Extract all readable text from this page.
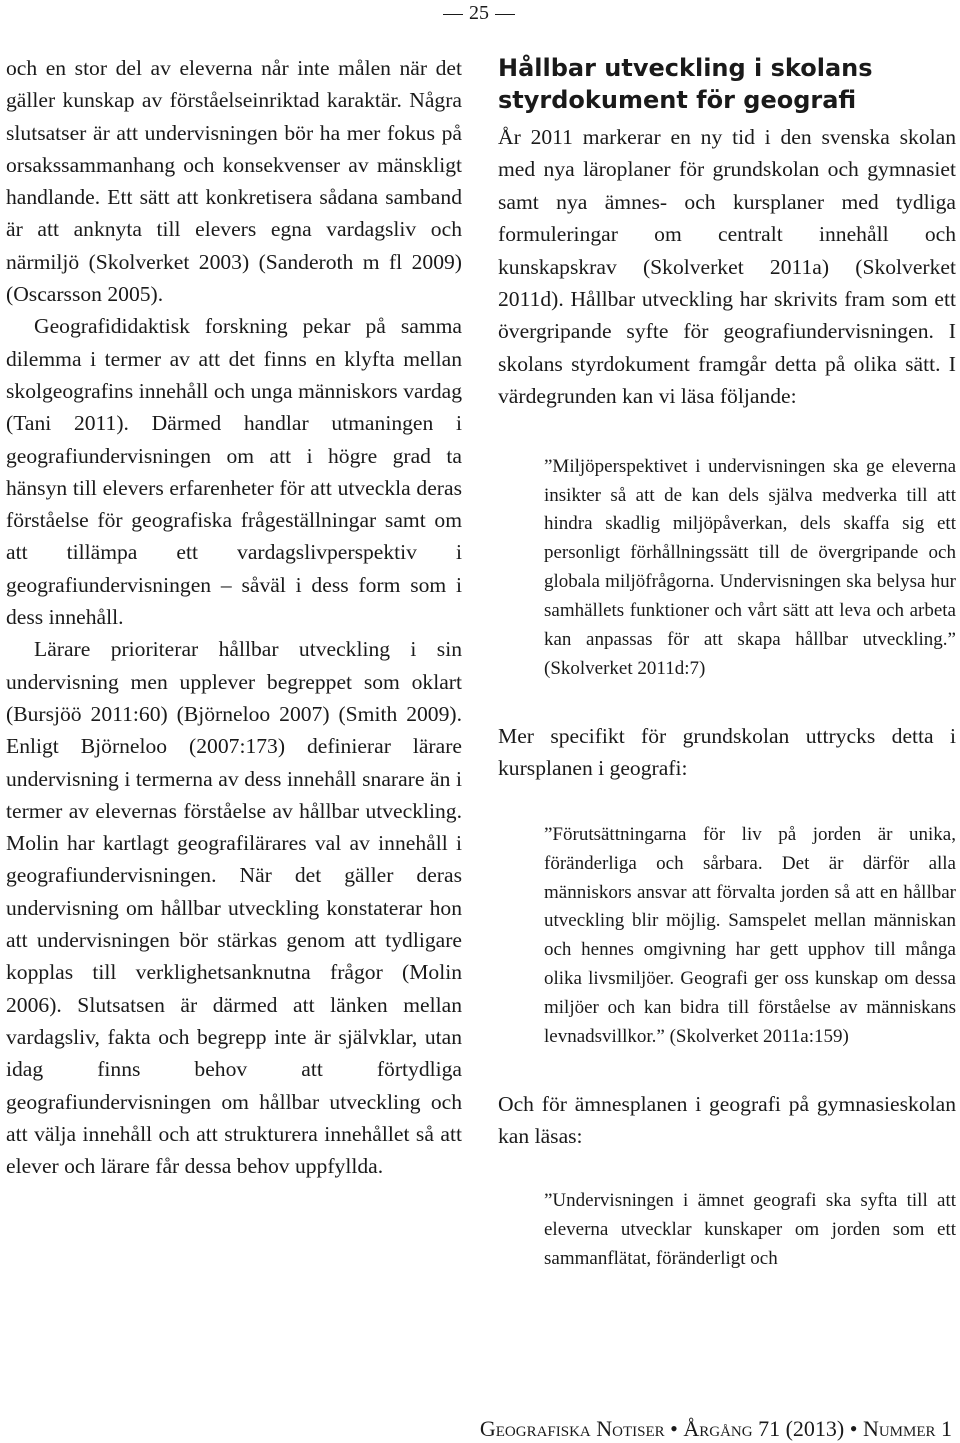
25

och en stor del av eleverna når inte målen när det gäller kunskap av förståelseinriktad karaktär. Några slutsatser är att undervisningen bör ha mer fokus på orsakssammanhang och konsekvenser av mänskligt handlande. Ett sätt att konkretisera sådana samband är att anknyta till elevers egna vardagsliv och närmiljö (Skolverket 2003) (Sanderoth m fl 2009) (Oscarsson 2005).

Geografididaktisk forskning pekar på samma dilemma i termer av att det finns en klyfta mellan skolgeografins innehåll och unga människors vardag (Tani 2011). Därmed handlar utmaningen i geografiundervisningen om att i högre grad ta hänsyn till elevers erfarenheter för att utveckla deras förståelse för geografiska frågeställningar samt om att tillämpa ett vardagslivperspektiv i geografiundervisningen – såväl i dess form som i dess innehåll.

Lärare prioriterar hållbar utveckling i sin undervisning men upplever begreppet som oklart (Bursjöö 2011:60) (Björneloo 2007) (Smith 2009). Enligt Björneloo (2007:173) definierar lärare undervisning i termerna av dess innehåll snarare än i termer av elevernas förståelse av hållbar utveckling. Molin har kartlagt geografilärares val av innehåll i geografiundervisningen. När det gäller deras undervisning om hållbar utveckling konstaterar hon att undervisningen bör stärkas genom att tydligare kopplas till verklighetsanknutna frågor (Molin 2006). Slutsatsen är därmed att länken mellan vardagsliv, fakta och begrepp inte är självklar, utan idag finns behov att förtydliga geografiundervisningen om hållbar utveckling och att välja innehåll och att strukturera innehållet så att elever och lärare får dessa behov uppfyllda.

Hållbar utveckling i skolans styrdokument för geografi

År 2011 markerar en ny tid i den svenska skolan med nya läroplaner för grundskolan och gymnasiet samt nya ämnes- och kursplaner med tydliga formuleringar om centralt innehåll och kunskapskrav (Skolverket 2011a) (Skolverket 2011d). Hållbar utveckling har skrivits fram som ett övergripande syfte för geografiundervisningen. I skolans styrdokument framgår detta på olika sätt. I värdegrunden kan vi läsa följande:

”Miljöperspektivet i undervisningen ska ge eleverna insikter så att de kan dels själva medverka till att hindra skadlig miljöpåverkan, dels skaffa sig ett personligt förhållningssätt till de övergripande och globala miljöfrågorna. Undervisningen ska belysa hur samhällets funktioner och vårt sätt att leva och arbeta kan anpassas för att skapa hållbar utveckling.” (Skolverket 2011d:7)

Mer specifikt för grundskolan uttrycks detta i kursplanen i geografi:

”Förutsättningarna för liv på jorden är unika, föränderliga och sårbara. Det är därför alla människors ansvar att förvalta jorden så att en hållbar utveckling blir möjlig. Samspelet mellan människan och hennes omgivning har gett upphov till många olika livsmiljöer. Geografi ger oss kunskap om dessa miljöer och kan bidra till förståelse av människans levnadsvillkor.” (Skolverket 2011a:159)

Och för ämnesplanen i geografi på gymnasieskolan kan läsas:

”Undervisningen i ämnet geografi ska syfta till att eleverna utvecklar kunskaper om jorden som ett sammanflätat, föränderligt och

Geografiska Notiser • Årgång 71 (2013) • Nummer 1
